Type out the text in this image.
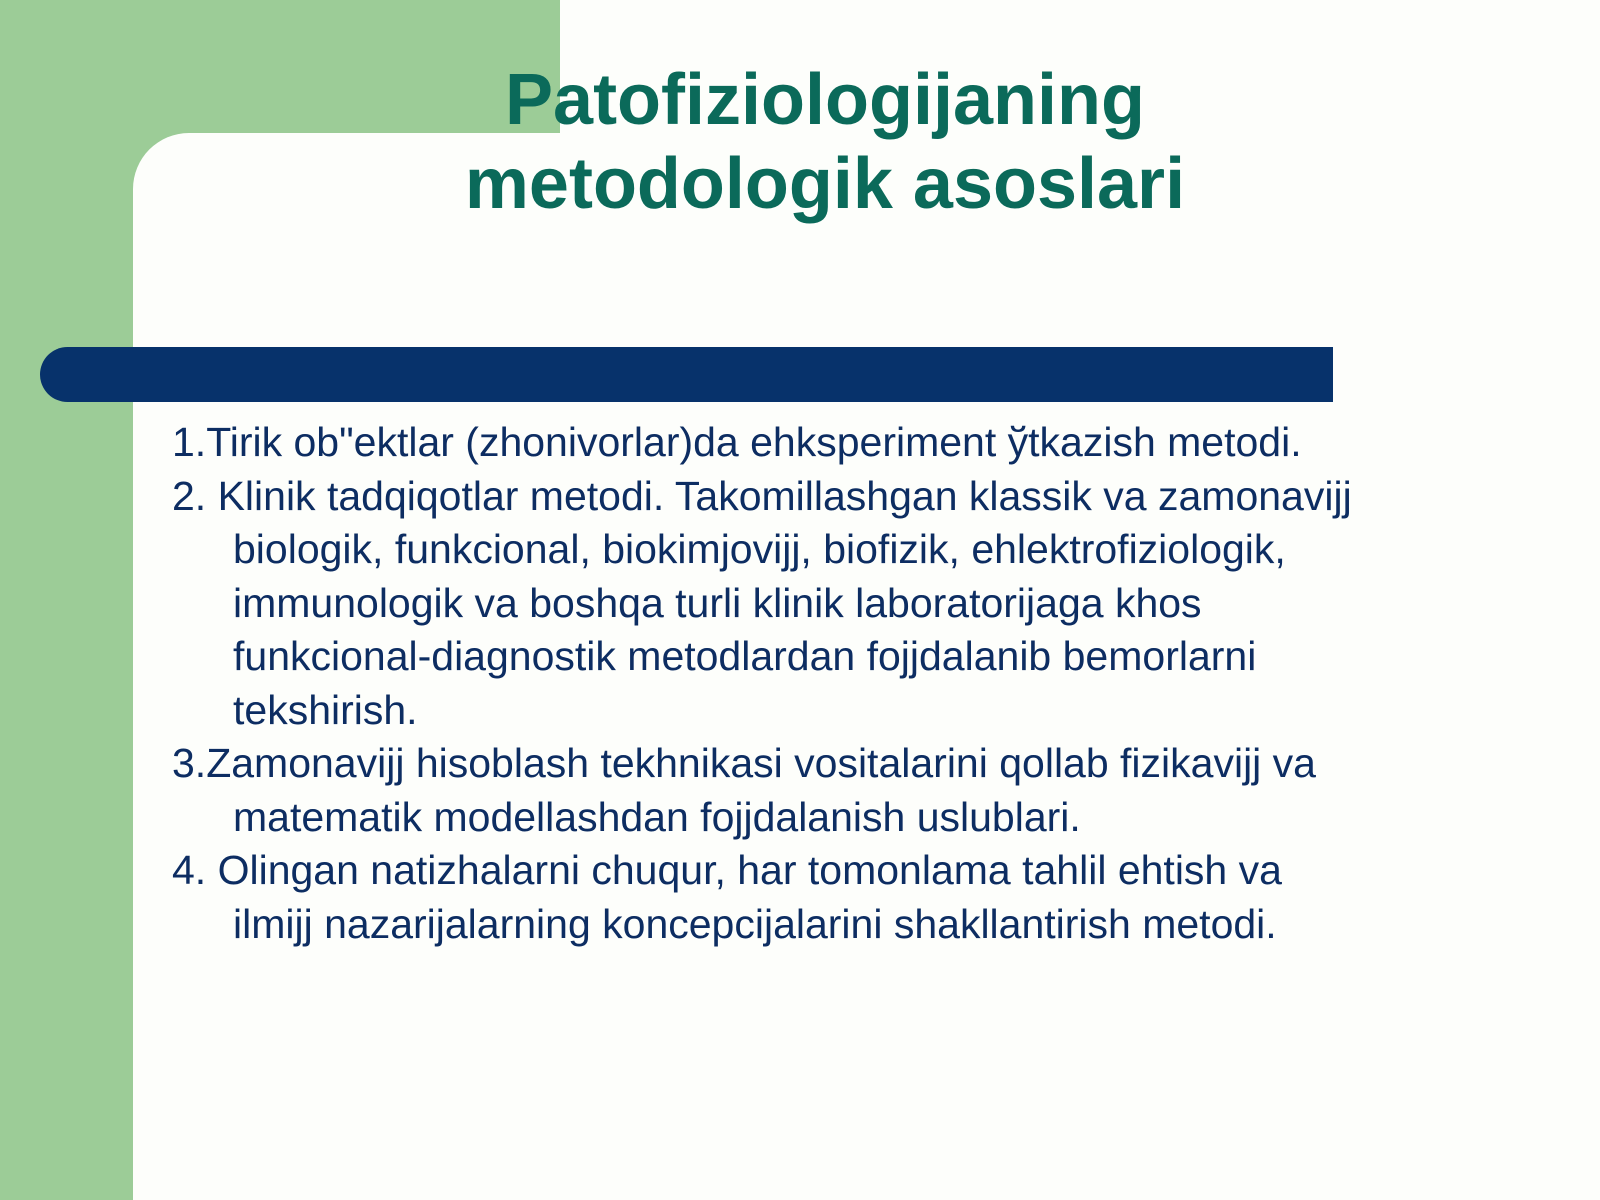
Patofiziologijaning
metodologik asoslari
1.Tirik ob"ektlar (zhonivorlar)da ehksperiment ўtkazish metodi.
2. Klinik tadqiqotlar metodi. Takomillashgan klassik va zamonavijj
biologik, funkcional, biokimjovijj, biofizik, ehlektrofiziologik,
immunologik va boshqa turli klinik laboratorijaga khos
funkcional-diagnostik metodlardan fojjdalanib bemorlarni
tekshirish.
3.Zamonavijj hisoblash tekhnikasi vositalarini qollab fizikavijj va
matematik modellashdan fojjdalanish uslublari.
4. Olingan natizhalarni chuqur, har tomonlama tahlil ehtish va
ilmijj nazarijalarning koncepcijalarini shakllantirish metodi.
